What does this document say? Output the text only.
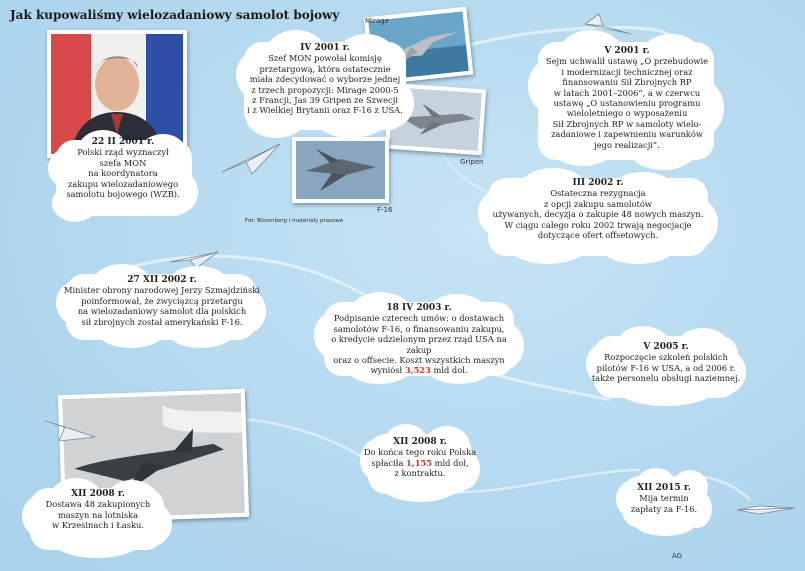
Jak kupowaliśmy wielozadaniowy samolot bojowy	Mirage
Gripen
F-16
Fot: Bloomberg i materiały prasowe
22 II 2001 r.
Polski rząd wyznaczył
szefa MON
na koordynatora
zakupu wielozadaniowego
samolotu bojowego (WZB).
IV 2001 r.
Szef MON powołał komisję
przetargową, która ostatecznie
miała zdecydować o wyborze jednej
z trzech propozycji: Mirage 2000-5
z Francji, Jas 39 Gripen ze Szwecji
i z Wielkiej Brytanii oraz F-16 z USA.
V 2001 r.
Sejm uchwalił ustawę „O przebudowie
i modernizacji technicznej oraz
finansowaniu Sił Zbrojnych RP
w latach 2001–2006”, a w czerwcu
ustawę „O ustanowieniu programu
wieloletniego o wyposażeniu
Sił Zbrojnych RP w samoloty wielo-
zadaniowe i zapewnieniu warunków
jego realizacji”.
III 2002 r.
Ostateczna rezygnacja
z opcji zakupu samolotów
używanych, decyzja o zakupie 48 nowych maszyn.
W ciągu całego roku 2002 trwają negocjacje
dotyczące ofert offsetowych.
27 XII 2002 r.
Minister obrony narodowej Jerzy Szmajdziński
poinformował, że zwycięzcą przetargu
na wielozadaniowy samolot dla polskich
sił zbrojnych został amerykański F-16.
18 IV 2003 r.
Podpisanie czterech umów: o dostawach
samolotów F-16, o finansowaniu zakupu,
o kredycie udzielonym przez rząd USA na zakup
oraz o offsecie. Koszt wszystkich maszyn
wyniósł 3,523 mld dol.
V 2005 r.
Rozpoczęcie szkoleń polskich
pilotów F-16 w USA, a od 2006 r.
także personelu obsługi naziemnej.
XII 2008 r.
Dostawa 48 zakupionych
maszyn na lotniska
w Krzesinach i Łasku.
XII 2008 r.
Do końca tego roku Polska
spłaciła 1,155 mld dol,
z kontraktu.
XII 2015 r.
Mija termin
zapłaty za F-16.
AG
